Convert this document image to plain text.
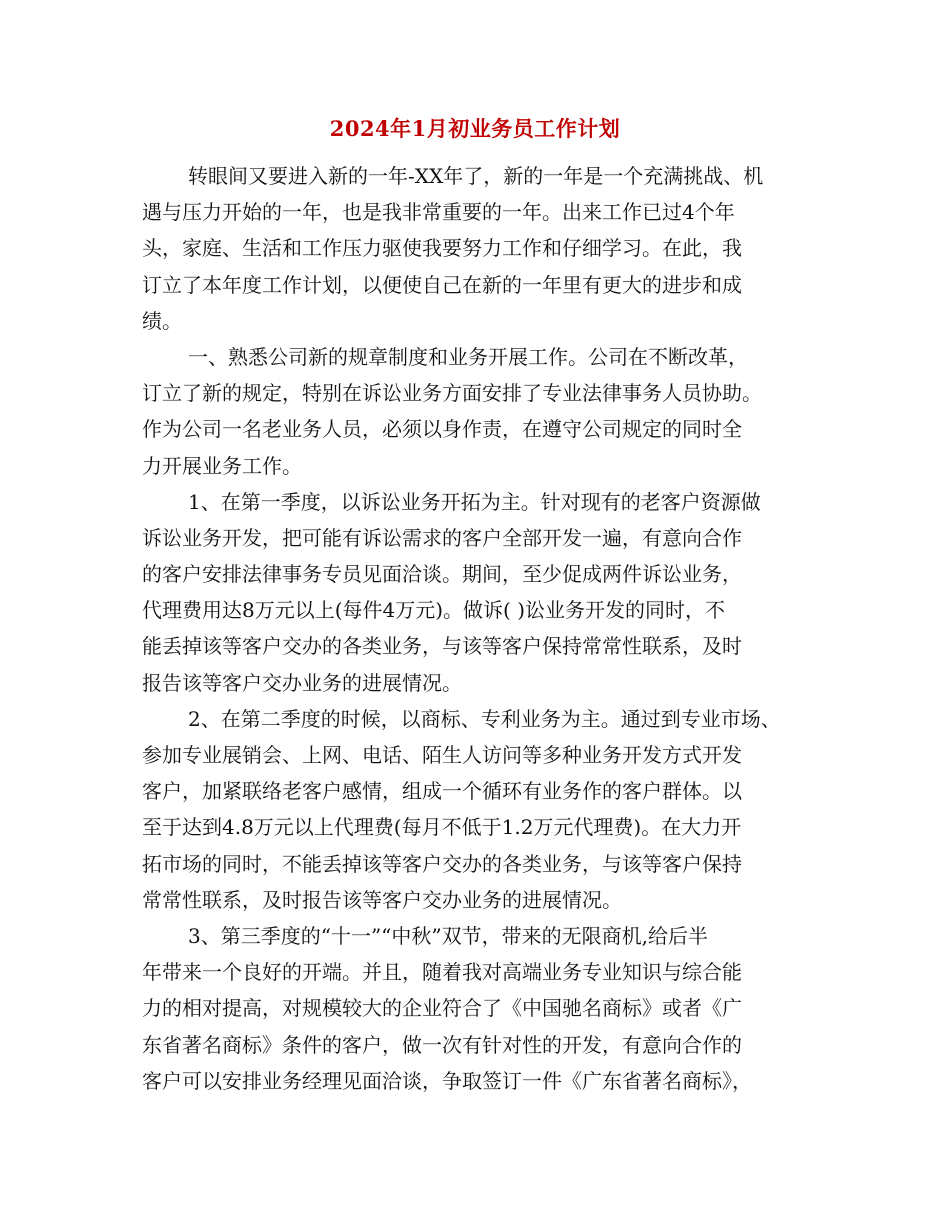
2024年1月初业务员工作计划
转眼间又要进入新的一年-XX年了，新的一年是一个充满挑战、机
遇与压力开始的一年，也是我非常重要的一年。出来工作已过4个年
头，家庭、生活和工作压力驱使我要努力工作和仔细学习。在此，我
订立了本年度工作计划，以便使自己在新的一年里有更大的进步和成
绩。
一、熟悉公司新的规章制度和业务开展工作。公司在不断改革，
订立了新的规定，特别在诉讼业务方面安排了专业法律事务人员协助。
作为公司一名老业务人员，必须以身作责，在遵守公司规定的同时全
力开展业务工作。
1、在第一季度，以诉讼业务开拓为主。针对现有的老客户资源做
诉讼业务开发，把可能有诉讼需求的客户全部开发一遍，有意向合作
的客户安排法律事务专员见面洽谈。期间，至少促成两件诉讼业务，
代理费用达8万元以上(每件4万元)。做诉( )讼业务开发的同时，不
能丢掉该等客户交办的各类业务，与该等客户保持常常性联系，及时
报告该等客户交办业务的进展情况。
2、在第二季度的时候，以商标、专利业务为主。通过到专业市场、
参加专业展销会、上网、电话、陌生人访问等多种业务开发方式开发
客户，加紧联络老客户感情，组成一个循环有业务作的客户群体。以
至于达到4.8万元以上代理费(每月不低于1.2万元代理费)。在大力开
拓市场的同时，不能丢掉该等客户交办的各类业务，与该等客户保持
常常性联系，及时报告该等客户交办业务的进展情况。
3、第三季度的“十一”“中秋”双节，带来的无限商机,给后半
年带来一个良好的开端。并且，随着我对高端业务专业知识与综合能
力的相对提高，对规模较大的企业符合了《中国驰名商标》或者《广
东省著名商标》条件的客户，做一次有针对性的开发，有意向合作的
客户可以安排业务经理见面洽谈，争取签订一件《广东省著名商标》，
